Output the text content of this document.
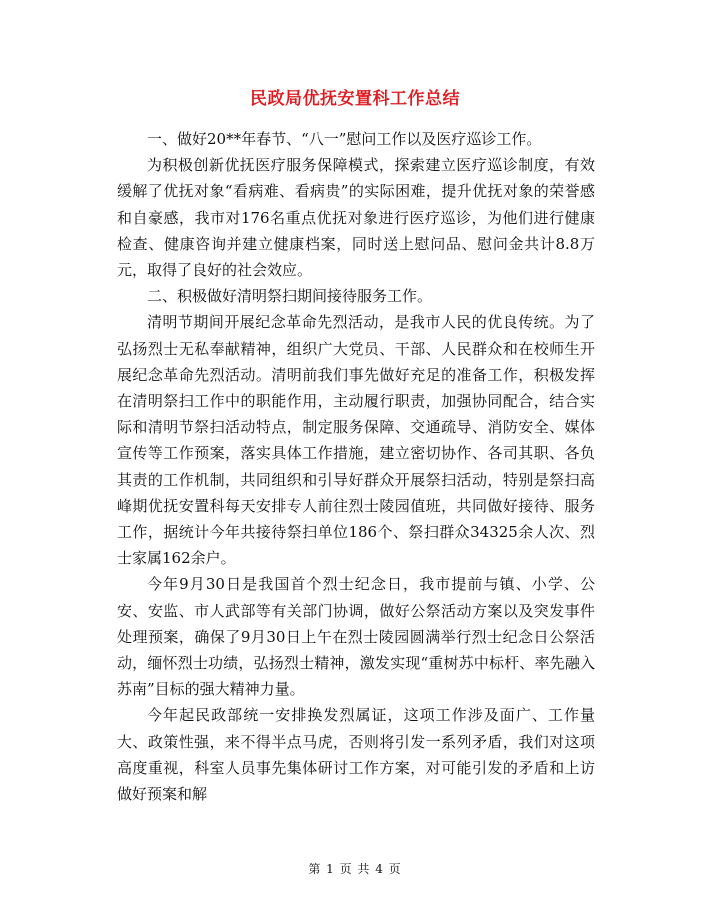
民政局优抚安置科工作总结

一、做好20**年春节、“八一”慰问工作以及医疗巡诊工作。

为积极创新优抚医疗服务保障模式，探索建立医疗巡诊制度，有效缓解了优抚对象“看病难、看病贵”的实际困难，提升优抚对象的荣誉感和自豪感，我市对176名重点优抚对象进行医疗巡诊，为他们进行健康检查、健康咨询并建立健康档案，同时送上慰问品、慰问金共计8.8万元，取得了良好的社会效应。

二、积极做好清明祭扫期间接待服务工作。

清明节期间开展纪念革命先烈活动，是我市人民的优良传统。为了弘扬烈士无私奉献精神，组织广大党员、干部、人民群众和在校师生开展纪念革命先烈活动。清明前我们事先做好充足的准备工作，积极发挥在清明祭扫工作中的职能作用，主动履行职责，加强协同配合，结合实际和清明节祭扫活动特点，制定服务保障、交通疏导、消防安全、媒体宣传等工作预案，落实具体工作措施，建立密切协作、各司其职、各负其责的工作机制，共同组织和引导好群众开展祭扫活动，特别是祭扫高峰期优抚安置科每天安排专人前往烈士陵园值班，共同做好接待、服务工作，据统计今年共接待祭扫单位186个、祭扫群众34325余人次、烈士家属162余户。

今年9月30日是我国首个烈士纪念日，我市提前与镇、小学、公安、安监、市人武部等有关部门协调，做好公祭活动方案以及突发事件处理预案，确保了9月30日上午在烈士陵园圆满举行烈士纪念日公祭活动，缅怀烈士功绩，弘扬烈士精神，激发实现“重树苏中标杆、率先融入苏南”目标的强大精神力量。

今年起民政部统一安排换发烈属证，这项工作涉及面广、工作量大、政策性强，来不得半点马虎，否则将引发一系列矛盾，我们对这项高度重视，科室人员事先集体研讨工作方案，对可能引发的矛盾和上访做好预案和解

第 1 页 共 4 页
